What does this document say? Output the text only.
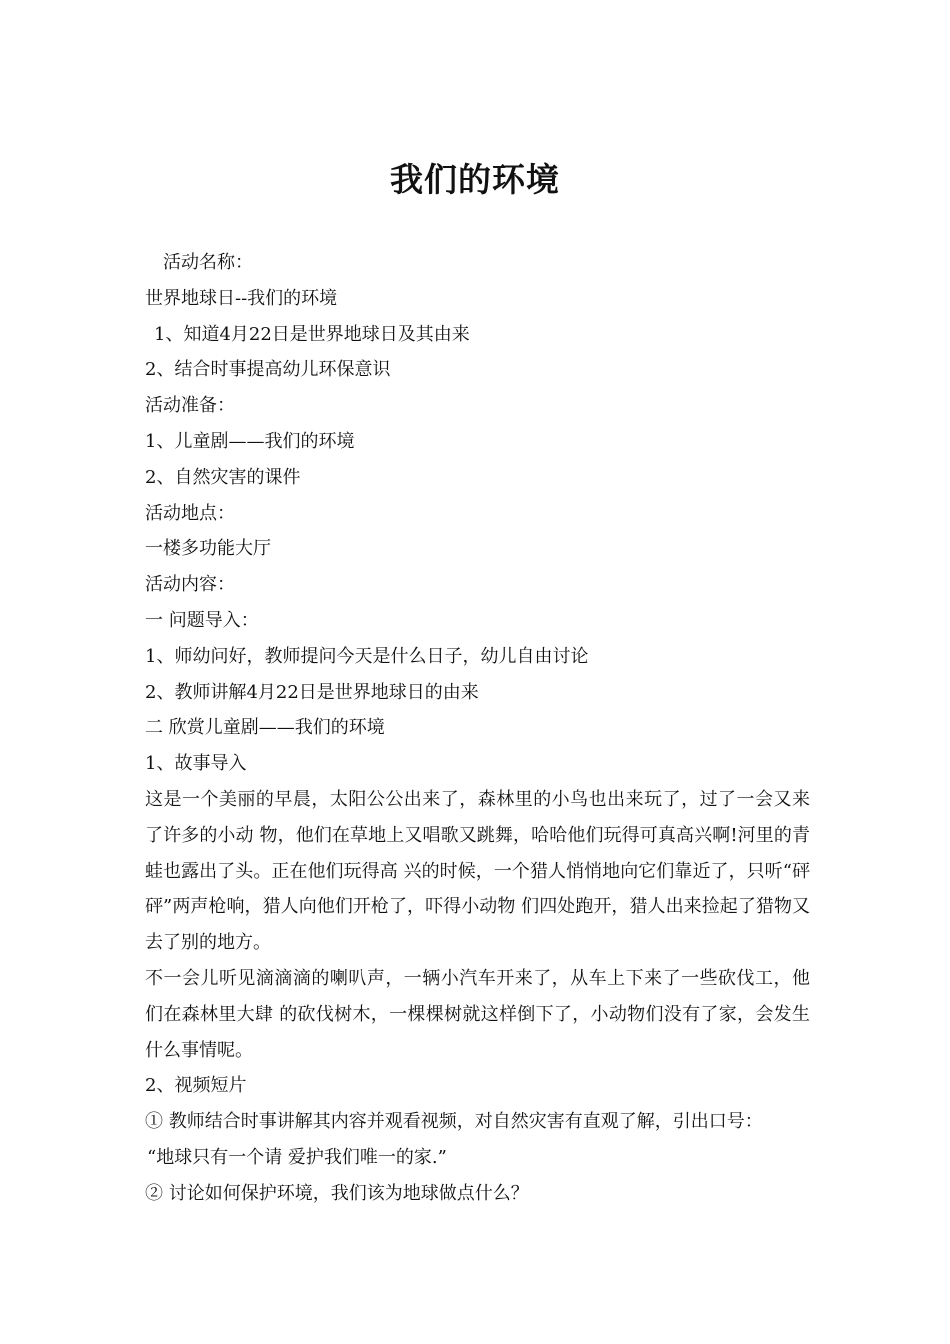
我们的环境

活动名称：

世界地球日--我们的环境

1、知道4月22日是世界地球日及其由来

2、结合时事提高幼儿环保意识

活动准备：

1、儿童剧——我们的环境

2、自然灾害的课件

活动地点：

一楼多功能大厅

活动内容：

一 问题导入：

1、师幼问好，教师提问今天是什么日子，幼儿自由讨论

2、教师讲解4月22日是世界地球日的由来

二 欣赏儿童剧——我们的环境

1、故事导入

这是一个美丽的早晨，太阳公公出来了，森林里的小鸟也出来玩了，过了一会又来了许多的小动 物，他们在草地上又唱歌又跳舞，哈哈他们玩得可真高兴啊!河里的青蛙也露出了头。正在他们玩得高 兴的时候，一个猎人悄悄地向它们靠近了，只听“砰 砰”两声枪响，猎人向他们开枪了，吓得小动物 们四处跑开，猎人出来捡起了猎物又去了别的地方。

不一会儿听见滴滴滴的喇叭声，一辆小汽车开来了，从车上下来了一些砍伐工，他们在森林里大肆 的砍伐树木，一棵棵树就这样倒下了，小动物们没有了家，会发生什么事情呢。

2、视频短片

① 教师结合时事讲解其内容并观看视频，对自然灾害有直观了解，引出口号：

“地球只有一个请 爱护我们唯一的家.”

② 讨论如何保护环境，我们该为地球做点什么？
